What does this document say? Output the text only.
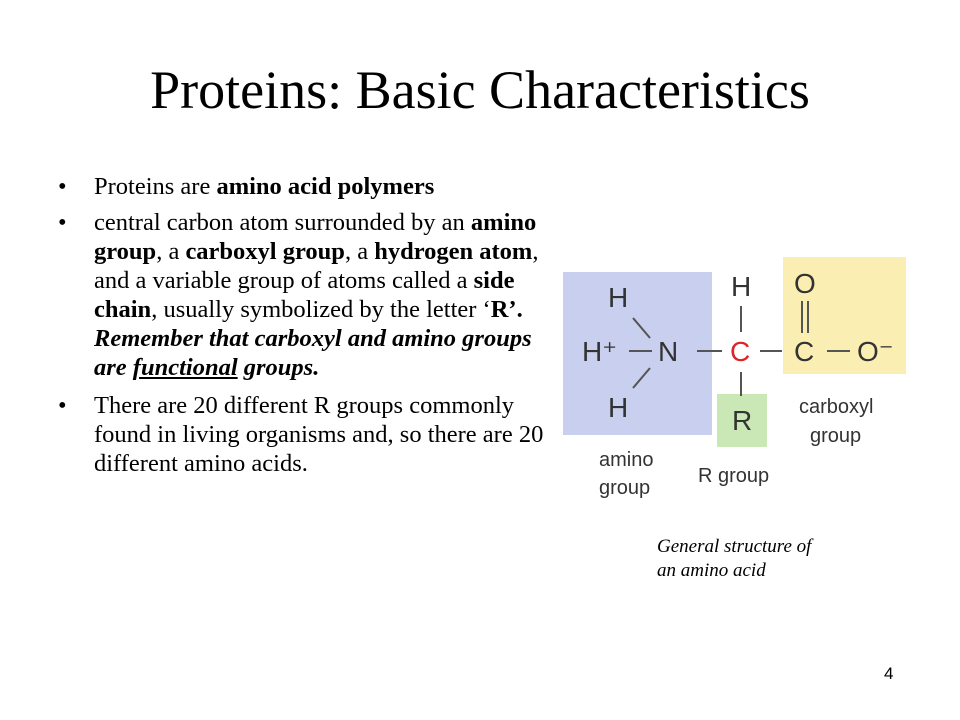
Proteins: Basic Characteristics
• Proteins are amino acid polymers
• central carbon atom surrounded by an amino group, a carboxyl group, a hydrogen atom, and a variable group of atoms called a side chain, usually symbolized by the letter ‘R’. Remember that carboxyl and amino groups are functional groups.
• There are 20 different R groups commonly found in living organisms and, so there are 20 different amino acids.
H
H⁺ N
H
H
C
R
O
C O⁻
amino
group
R group
carboxyl
group
General structure of
an amino acid
4
